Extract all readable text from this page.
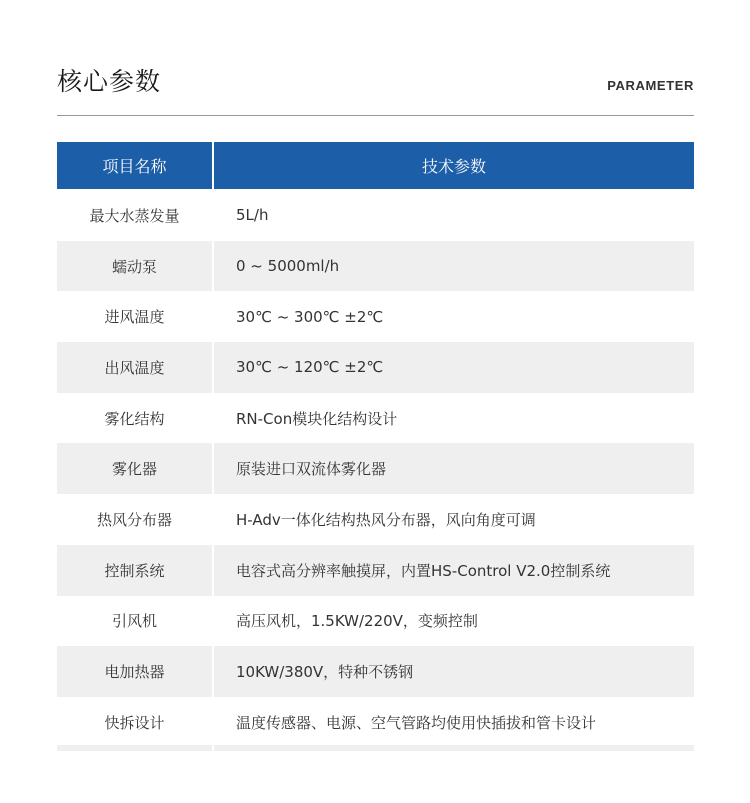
核心参数	PARAMETER
项目名称	技术参数
最大水蒸发量	5L/h
蠕动泵	0 ~ 5000ml/h
进风温度	30℃ ~ 300℃ ±2℃
出风温度	30℃ ~ 120℃ ±2℃
雾化结构	RN-Con模块化结构设计
雾化器	原装进口双流体雾化器
热风分布器	H-Adv一体化结构热风分布器，风向角度可调
控制系统	电容式高分辨率触摸屏，内置HS-Control V2.0控制系统
引风机	高压风机，1.5KW/220V，变频控制
电加热器	10KW/380V，特种不锈钢
快拆设计	温度传感器、电源、空气管路均使用快插拔和管卡设计
